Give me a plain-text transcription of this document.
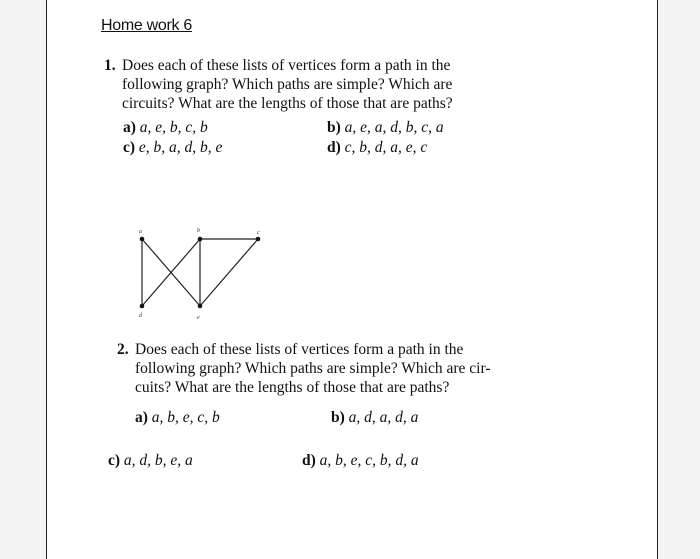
Home work 6
1. Does each of these lists of vertices form a path in the
following graph? Which paths are simple? Which are
circuits? What are the lengths of those that are paths?
a) a, e, b, c, b	b) a, e, a, d, b, c, a
c) e, b, a, d, b, e	d) c, b, d, a, e, c
a	b	c
d	e
2. Does each of these lists of vertices form a path in the
following graph? Which paths are simple? Which are cir-
cuits? What are the lengths of those that are paths?
a) a, b, e, c, b	b) a, d, a, d, a
c) a, d, b, e, a	d) a, b, e, c, b, d, a
